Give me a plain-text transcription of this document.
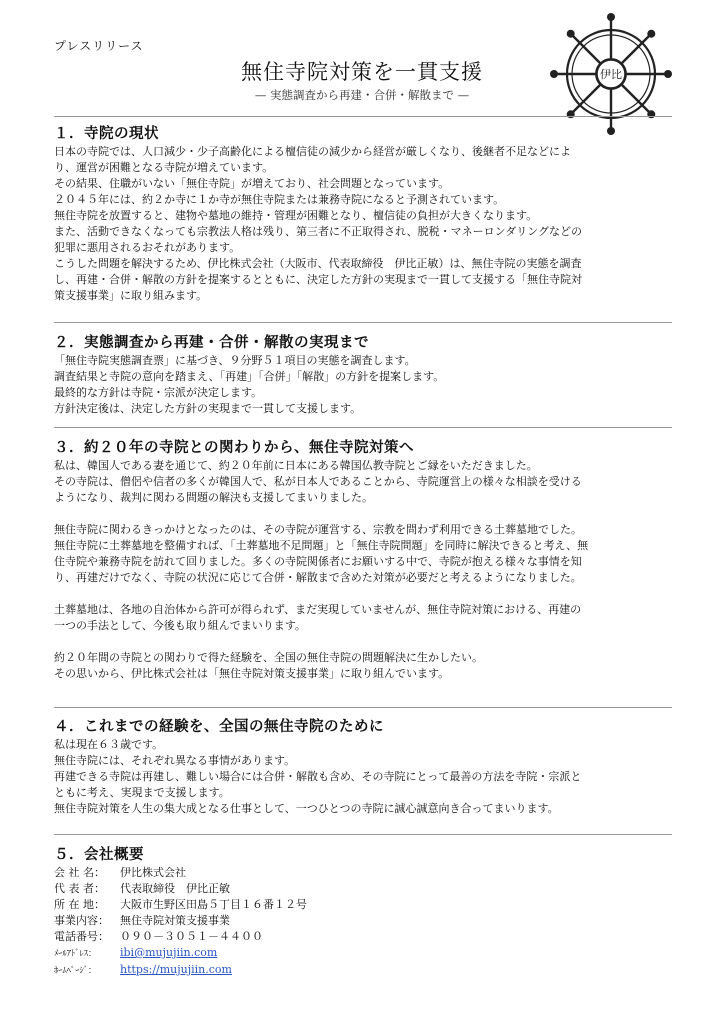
プレスリリース
無住寺院対策を一貫支援
— 実態調査から再建・合併・解散まで —
伊比
１．寺院の現状

日本の寺院では、人口減少・少子高齢化による檀信徒の減少から経営が厳しくなり、後継者不足などによ
り、運営が困難となる寺院が増えています。
その結果、住職がいない「無住寺院」が増えており、社会問題となっています。
２０４５年には、約２か寺に１か寺が無住寺院または兼務寺院になると予測されています。
無住寺院を放置すると、建物や墓地の維持・管理が困難となり、檀信徒の負担が大きくなります。
また、活動できなくなっても宗教法人格は残り、第三者に不正取得され、脱税・マネーロンダリングなどの
犯罪に悪用されるおそれがあります。
こうした問題を解決するため、伊比株式会社（大阪市、代表取締役　伊比正敏）は、無住寺院の実態を調査
し、再建・合併・解散の方針を提案するとともに、決定した方針の実現まで一貫して支援する「無住寺院対
策支援事業」に取り組みます。

２．実態調査から再建・合併・解散の実現まで

「無住寺院実態調査票」に基づき、９分野５１項目の実態を調査します。
調査結果と寺院の意向を踏まえ、「再建」「合併」「解散」の方針を提案します。
最終的な方針は寺院・宗派が決定します。
方針決定後は、決定した方針の実現まで一貫して支援します。

３．約２０年の寺院との関わりから、無住寺院対策へ

私は、韓国人である妻を通じて、約２０年前に日本にある韓国仏教寺院とご縁をいただきました。
その寺院は、僧侶や信者の多くが韓国人で、私が日本人であることから、寺院運営上の様々な相談を受ける
ようになり、裁判に関わる問題の解決も支援してまいりました。

無住寺院に関わるきっかけとなったのは、その寺院が運営する、宗教を問わず利用できる土葬墓地でした。
無住寺院に土葬墓地を整備すれば、「土葬墓地不足問題」と「無住寺院問題」を同時に解決できると考え、無
住寺院や兼務寺院を訪れて回りました。多くの寺院関係者にお願いする中で、寺院が抱える様々な事情を知
り、再建だけでなく、寺院の状況に応じて合併・解散まで含めた対策が必要だと考えるようになりました。

土葬墓地は、各地の自治体から許可が得られず、まだ実現していませんが、無住寺院対策における、再建の
一つの手法として、今後も取り組んでまいります。

約２０年間の寺院との関わりで得た経験を、全国の無住寺院の問題解決に生かしたい。
その思いから、伊比株式会社は「無住寺院対策支援事業」に取り組んでいます。

４．これまでの経験を、全国の無住寺院のために

私は現在６３歳です。
無住寺院には、それぞれ異なる事情があります。
再建できる寺院は再建し、難しい場合には合併・解散も含め、その寺院にとって最善の方法を寺院・宗派と
ともに考え、実現まで支援します。
無住寺院対策を人生の集大成となる仕事として、一つひとつの寺院に誠心誠意向き合ってまいります。

５．会社概要
会 社 名： 伊比株式会社
代 表 者： 代表取締役　伊比正敏
所 在 地： 大阪市生野区田島５丁目１６番１２号
事業内容： 無住寺院対策支援事業
電話番号： ０９０－３０５１－４４００
ﾒｰﾙｱﾄﾞﾚｽ： ibi@mujujiin.com
ﾎｰﾑﾍﾟｰｼﾞ： https://mujujiin.com
